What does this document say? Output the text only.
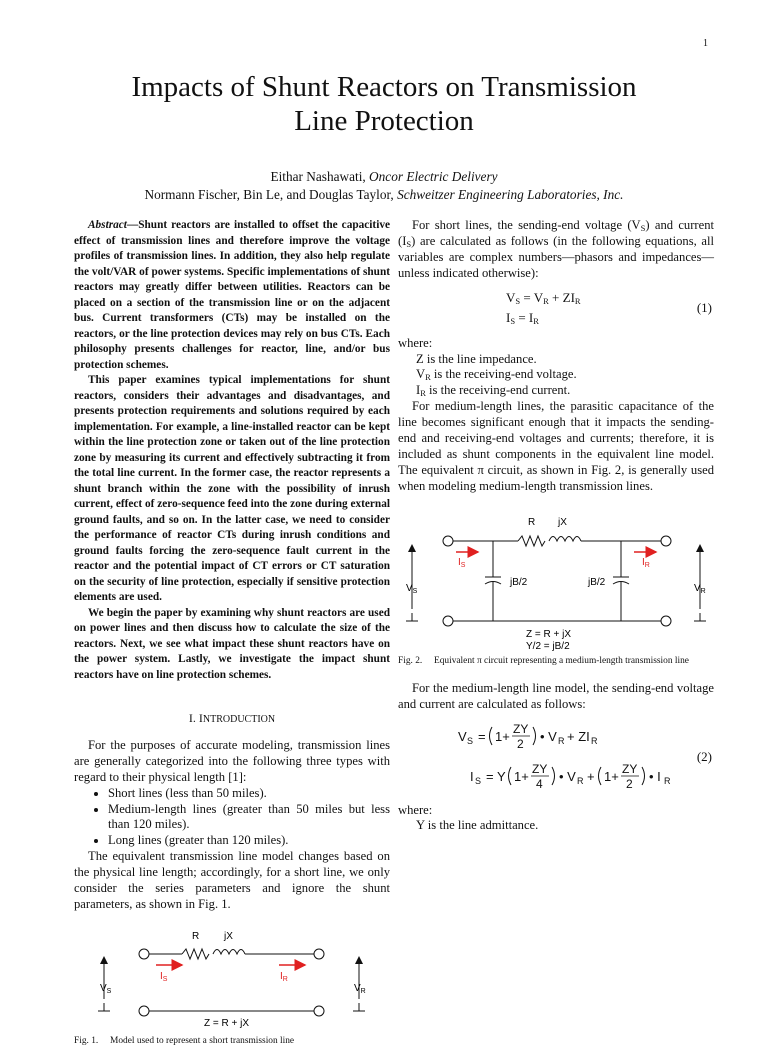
1
Impacts of Shunt Reactors on Transmission
Line Protection
Eithar Nashawati, Oncor Electric Delivery
Normann Fischer, Bin Le, and Douglas Taylor, Schweitzer Engineering Laboratories, Inc.

Abstract—Shunt reactors are installed to offset the capacitive effect of transmission lines and therefore improve the voltage profiles of transmission lines. In addition, they also help regulate the volt/VAR of power systems. Specific implementations of shunt reactors may greatly differ between utilities. Reactors can be placed on a section of the transmission line or on the adjacent bus. Current transformers (CTs) may be installed on the reactors, or the line protection devices may rely on bus CTs. Each philosophy presents challenges for reactor, line, and/or bus protection schemes.

This paper examines typical implementations for shunt reactors, considers their advantages and disadvantages, and presents protection requirements and solutions required by each implementation. For example, a line-installed reactor can be kept within the line protection zone or taken out of the line protection zone by measuring its current and effectively subtracting it from the total line current. In the former case, the reactor represents a shunt branch within the zone with the possibility of inrush current, effect of zero-sequence feed into the zone during external ground faults, and so on. In the latter case, we need to consider the performance of reactor CTs during inrush conditions and ground faults forcing the zero-sequence fault current in the reactor and the potential impact of CT errors or CT saturation on the security of line protection, especially if sensitive protection elements are used.

We begin the paper by examining why shunt reactors are used on power lines and then discuss how to calculate the size of the reactors. Next, we see what impact these shunt reactors have on the power system. Lastly, we investigate the impact shunt reactors have on line protection schemes.

I. INTRODUCTION

For the purposes of accurate modeling, transmission lines are generally categorized into the following three types with regard to their physical length [1]:

• Short lines (less than 50 miles).
• Medium-length lines (greater than 50 miles but less than 120 miles).
• Long lines (greater than 120 miles).

The equivalent transmission line model changes based on the physical line length; accordingly, for a short line, we only consider the series parameters and ignore the shunt parameters, as shown in Fig. 1.

R jX
$I_S$	$I_R$
$V_S$	$V_R$
Z = R + jX
Fig. 1. Model used to represent a short transmission line

For short lines, the sending-end voltage $(V_S)$ and current $(I_S)$ are calculated as follows (in the following equations, all variables are complex numbers—phasors and impedances—unless indicated otherwise):

$V_S = V_R + ZI_R$
$I_S = I_R$
(1)

where:

Z is the line impedance.

$V_R$ is the receiving-end voltage.

$I_R$ is the receiving-end current.

For medium-length lines, the parasitic capacitance of the line becomes significant enough that it impacts the sending-end and receiving-end voltages and currents; therefore, it is included as shunt components in the equivalent line model. The equivalent π circuit, as shown in Fig. 2, is generally used when modeling medium-length transmission lines.

R jX
$I_S$	$I_R$
jB/2	jB/2
$V_S$	$V_R$
Z = R + jX
Y/2 = jB/2
Fig. 2. Equivalent π circuit representing a medium-length transmission line

For the medium-length line model, the sending-end voltage and current are calculated as follows:

V S = 1+ ZY
2 • V R + ZI R
I S = Y 1+ ZY
4 • V R + 1+ ZY
2 • I R
(2)

where:

Y is the line admittance.
